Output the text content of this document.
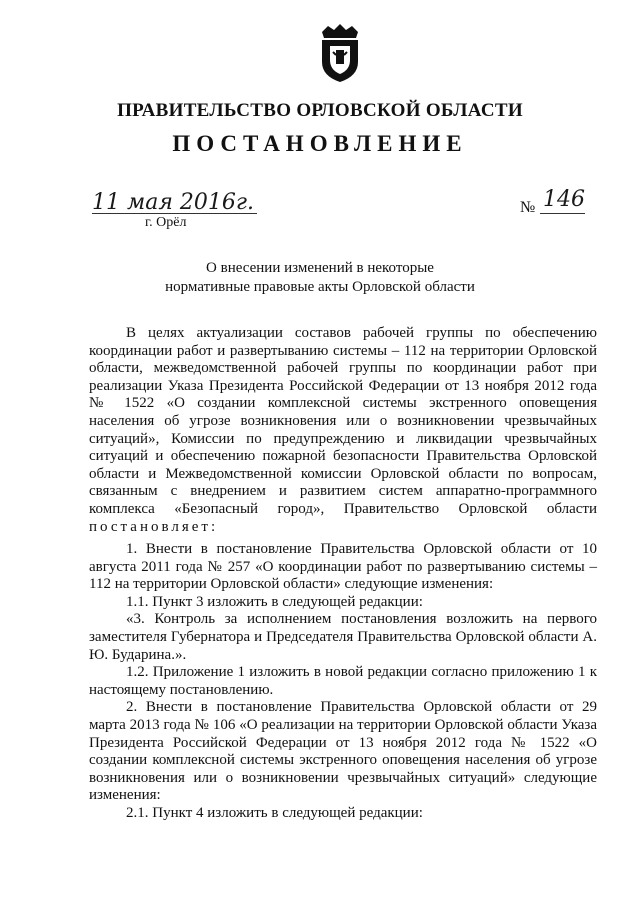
ПРАВИТЕЛЬСТВО ОРЛОВСКОЙ ОБЛАСТИ
ПОСТАНОВЛЕНИЕ
11 мая 2016г.
г. Орёл
№ 146
О внесении изменений в некоторые
нормативные правовые акты Орловской области

В целях актуализации составов рабочей группы по обеспечению координации работ и развертыванию системы – 112 на территории Орловской области, межведомственной рабочей группы по координации работ при реализации Указа Президента Российской Федерации от 13 ноября 2012 года № 1522 «О создании комплексной системы экстренного оповещения населения об угрозе возникновения или о возникновении чрезвычайных ситуаций», Комиссии по предупреждению и ликвидации чрезвычайных ситуаций и обеспечению пожарной безопасности Правительства Орловской области и Межведомственной комиссии Орловской области по вопросам, связанным с внедрением и развитием систем аппаратно-программного комплекса «Безопасный город», Правительство Орловской области постановляет:

1. Внести в постановление Правительства Орловской области от 10 августа 2011 года № 257 «О координации работ по развертыванию системы – 112 на территории Орловской области» следующие изменения:

1.1. Пункт 3 изложить в следующей редакции:

«3. Контроль за исполнением постановления возложить на первого заместителя Губернатора и Председателя Правительства Орловской области А. Ю. Бударина.».

1.2. Приложение 1 изложить в новой редакции согласно приложению 1 к настоящему постановлению.

2. Внести в постановление Правительства Орловской области от 29 марта 2013 года № 106 «О реализации на территории Орловской области Указа Президента Российской Федерации от 13 ноября 2012 года № 1522 «О создании комплексной системы экстренного оповещения населения об угрозе возникновения или о возникновении чрезвычайных ситуаций» следующие изменения:

2.1. Пункт 4 изложить в следующей редакции:
